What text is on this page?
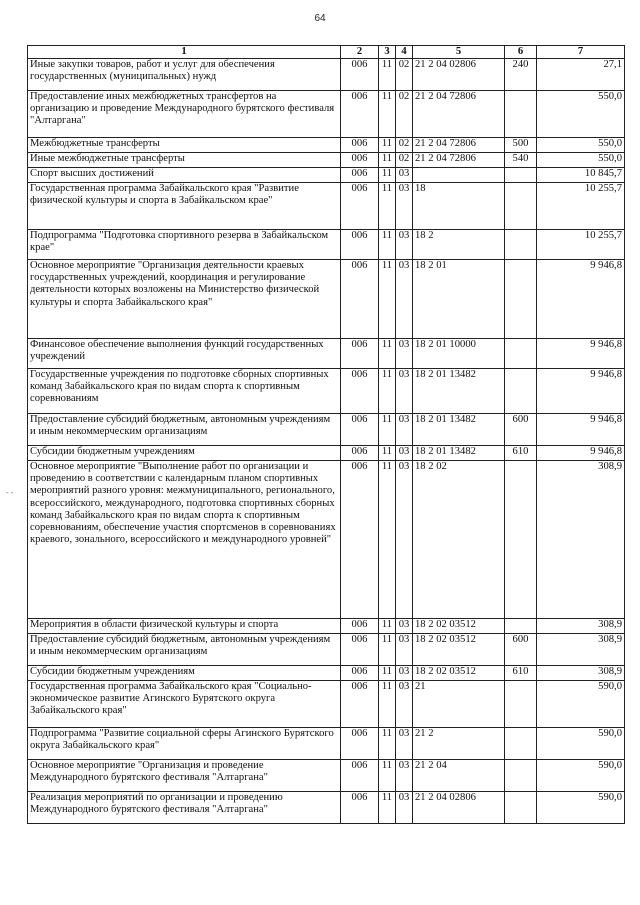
64
- -
1	2	3	4	5	6	7
Иные закупки товаров, работ и услуг для обеспечения государственных (муниципальных) нужд	006	11	02	21 2 04 02806	240	27,1
Предоставление иных межбюджетных трансфертов на организацию и проведение Международного бурятского фестиваля "Алтаргана"	006	11	02	21 2 04 72806		550,0
Межбюджетные трансферты	006	11	02	21 2 04 72806	500	550,0
Иные межбюджетные трансферты	006	11	02	21 2 04 72806	540	550,0
Спорт высших достижений	006	11	03			10 845,7
Государственная программа Забайкальского края "Развитие физической культуры и спорта в Забайкальском крае"	006	11	03	18		10 255,7
Подпрограмма "Подготовка спортивного резерва в Забайкальском крае"	006	11	03	18 2		10 255,7
Основное мероприятие "Организация деятельности краевых государственных учреждений, координация и регулирование деятельности которых возложены на Министерство физической культуры и спорта Забайкальского края"	006	11	03	18 2 01		9 946,8
Финансовое обеспечение выполнения функций государственных учреждений	006	11	03	18 2 01 10000		9 946,8
Государственные учреждения по подготовке сборных спортивных команд Забайкальского края по видам спорта к спортивным соревнованиям	006	11	03	18 2 01 13482		9 946,8
Предоставление субсидий бюджетным, автономным учреждениям и иным некоммерческим организациям	006	11	03	18 2 01 13482	600	9 946,8
Субсидии бюджетным учреждениям	006	11	03	18 2 01 13482	610	9 946,8
Основное мероприятие "Выполнение работ по организации и проведению в соответствии с календарным планом спортивных мероприятий разного уровня: межмуниципального, регионального, всероссийского, международного, подготовка спортивных сборных команд Забайкальского края по видам спорта к спортивным соревнованиям, обеспечение участия спортсменов в соревнованиях краевого, зонального, всероссийского и международного уровней"	006	11	03	18 2 02		308,9
Мероприятия в области физической культуры и спорта	006	11	03	18 2 02 03512		308,9
Предоставление субсидий бюджетным, автономным учреждениям и иным некоммерческим организациям	006	11	03	18 2 02 03512	600	308,9
Субсидии бюджетным учреждениям	006	11	03	18 2 02 03512	610	308,9
Государственная программа Забайкальского края "Социально-экономическое развитие Агинского Бурятского округа Забайкальского края"	006	11	03	21		590,0
Подпрограмма "Развитие социальной сферы Агинского Бурятского округа Забайкальского края"	006	11	03	21 2		590,0
Основное мероприятие "Организация и проведение Международного бурятского фестиваля "Алтаргана"	006	11	03	21 2 04		590,0
Реализация мероприятий по организации и проведению Международного бурятского фестиваля "Алтаргана"	006	11	03	21 2 04 02806		590,0
